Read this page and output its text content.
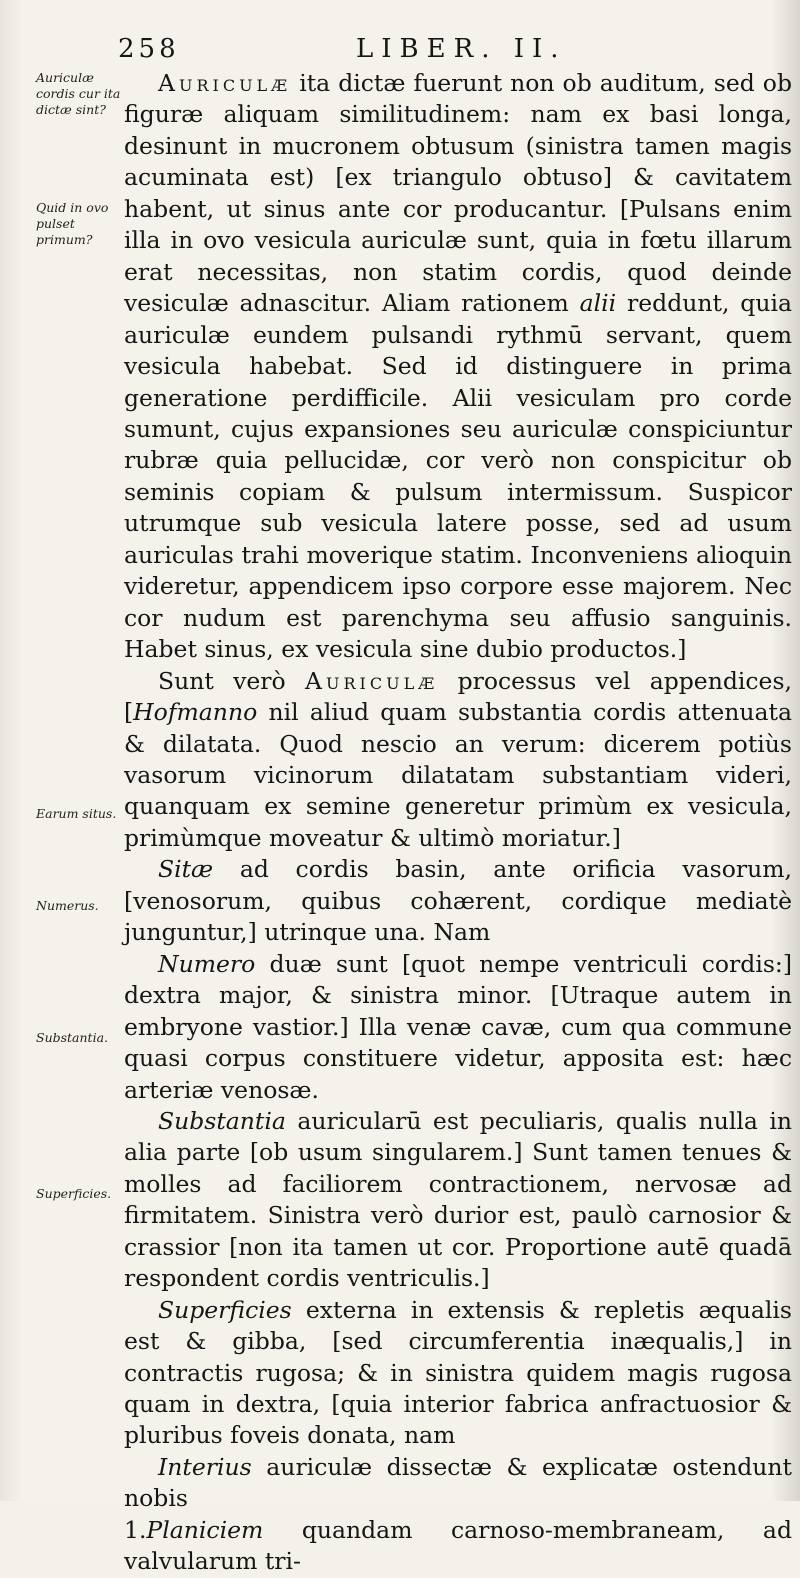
258	LIBER. II.
Auriculæ cordis cur ita dictæ sint?
Quid in ovo pulset primum?
Earum situs.
Numerus.
Substantia.
Superficies.

Auriculæ ita dictæ fuerunt non ob auditum, sed ob figuræ aliquam similitudinem: nam ex basi longa, desinunt in mucronem obtusum (sinistra tamen magis acuminata est) [ex triangulo obtuso] & cavitatem habent, ut sinus ante cor producantur. [Pulsans enim illa in ovo vesicula auriculæ sunt, quia in fœtu illarum erat necessitas, non statim cordis, quod deinde vesiculæ adnascitur. Aliam rationem alii reddunt, quia auriculæ eundem pulsandi rythmū servant, quem vesicula habebat. Sed id distinguere in prima generatione perdifficile. Alii vesiculam pro corde sumunt, cujus expansiones seu auriculæ conspiciuntur rubræ quia pellucidæ, cor verò non conspicitur ob seminis copiam & pulsum intermissum. Suspicor utrumque sub vesicula latere posse, sed ad usum auriculas trahi moverique statim. Inconveniens alioquin videretur, appendicem ipso corpore esse majorem. Nec cor nudum est parenchyma seu affusio sanguinis. Habet sinus, ex vesicula sine dubio productos.]

Sunt verò Auriculæ processus vel appendices, [Hofmanno nil aliud quam substantia cordis attenuata & dilatata. Quod nescio an verum: dicerem potiùs vasorum vicinorum dilatatam substantiam videri, quanquam ex semine generetur primùm ex vesicula, primùmque moveatur & ultimò moriatur.]

Sitæ ad cordis basin, ante orificia vasorum, [venosorum, quibus cohærent, cordique mediatè junguntur,] utrinque una. Nam

Numero duæ sunt [quot nempe ventriculi cordis:] dextra major, & sinistra minor. [Utraque autem in embryone vastior.] Illa venæ cavæ, cum qua commune quasi corpus constituere videtur, apposita est: hæc arteriæ venosæ.

Substantia auricularū est peculiaris, qualis nulla in alia parte [ob usum singularem.] Sunt tamen tenues & molles ad faciliorem contractionem, nervosæ ad firmitatem. Sinistra verò durior est, paulò carnosior & crassior [non ita tamen ut cor. Proportione autē quadā respondent cordis ventriculis.]

Superficies externa in extensis & repletis æqualis est & gibba, [sed circumferentia inæqualis,] in contractis rugosa; & in sinistra quidem magis rugosa quam in dextra, [quia interior fabrica anfractuosior & pluribus foveis donata, nam

Interius auriculæ dissectæ & explicatæ ostendunt nobis

1.Planiciem quandam carnoso-membraneam, ad valvularum tri-
